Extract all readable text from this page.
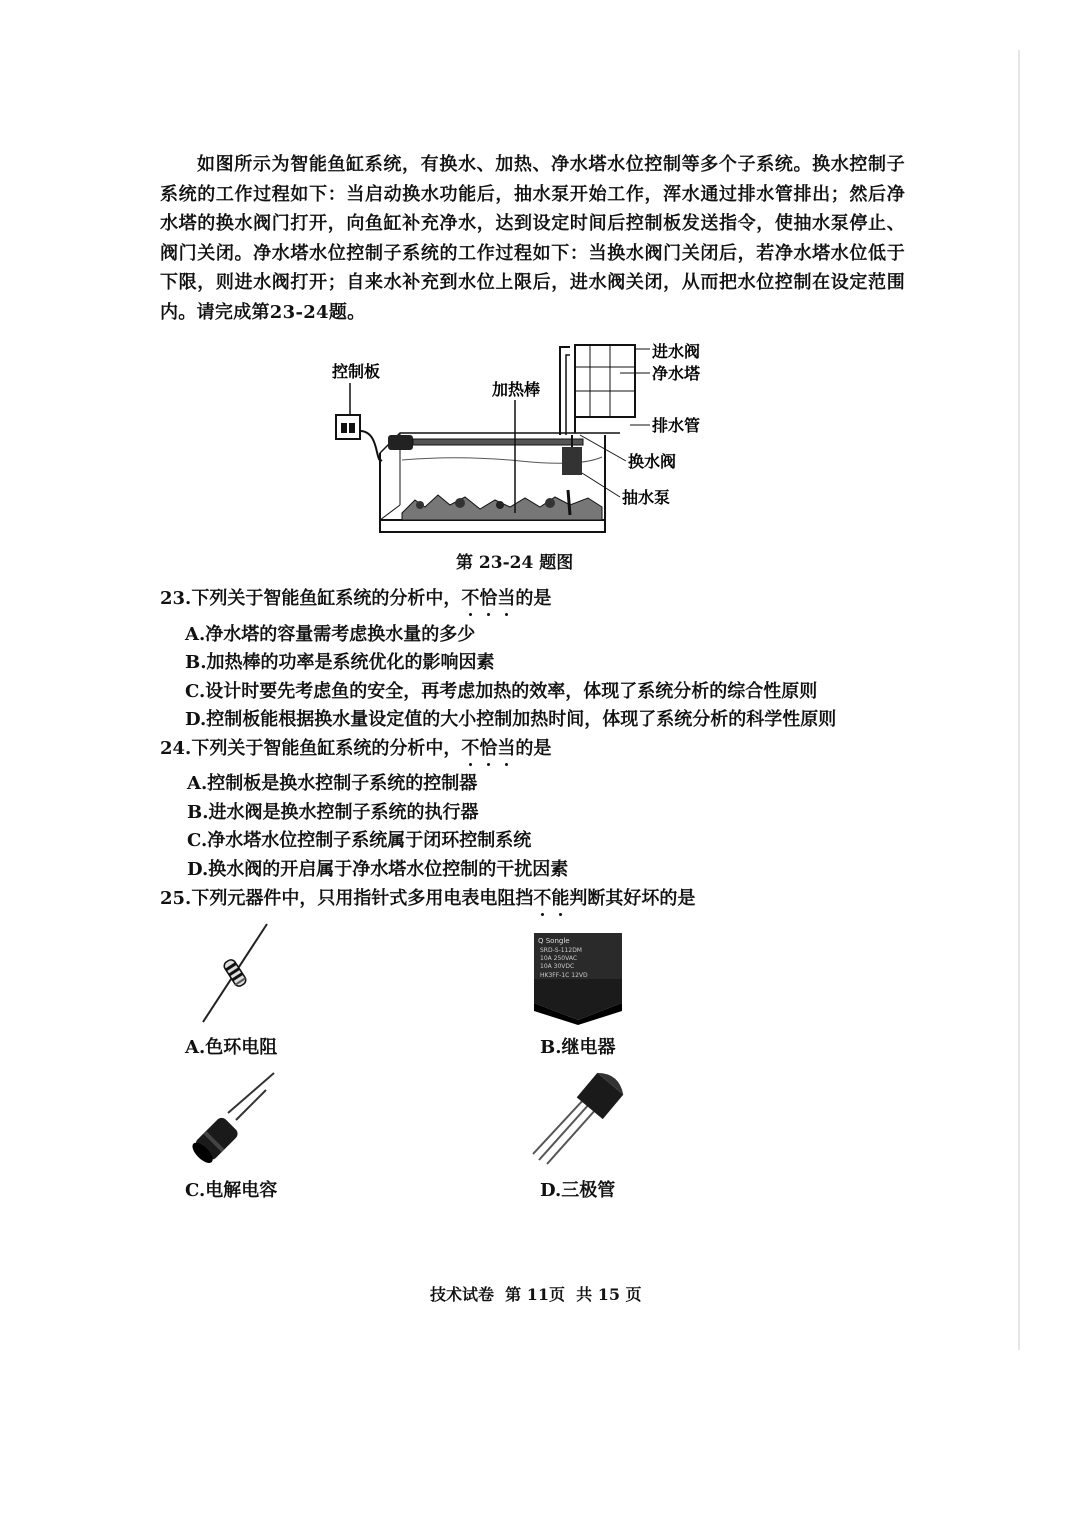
如图所示为智能鱼缸系统，有换水、加热、净水塔水位控制等多个子系统。换水控制子系统的工作过程如下：当启动换水功能后，抽水泵开始工作，浑水通过排水管排出；然后净水塔的换水阀门打开，向鱼缸补充净水，达到设定时间后控制板发送指令，使抽水泵停止、阀门关闭。净水塔水位控制子系统的工作过程如下：当换水阀门关闭后，若净水塔水位低于下限，则进水阀打开；自来水补充到水位上限后，进水阀关闭，从而把水位控制在设定范围内。请完成第23-24题。

控制板
加热棒
进水阀
净水塔
排水管
换水阀
抽水泵
第 23-24 题图
23.下列关于智能鱼缸系统的分析中，不恰当的是
A.净水塔的容量需考虑换水量的多少
B.加热棒的功率是系统优化的影响因素
C.设计时要先考虑鱼的安全，再考虑加热的效率，体现了系统分析的综合性原则
D.控制板能根据换水量设定值的大小控制加热时间，体现了系统分析的科学性原则
24.下列关于智能鱼缸系统的分析中，不恰当的是
A.控制板是换水控制子系统的控制器
B.进水阀是换水控制子系统的执行器
C.净水塔水位控制子系统属于闭环控制系统
D.换水阀的开启属于净水塔水位控制的干扰因素
25.下列元器件中，只用指针式多用电表电阻挡不能判断其好坏的是
A.色环电阻
Q Songle
SRD-S-112DM
10A 250VAC
10A 30VDC
HK3FF-1C 12VD
B.继电器
C.电解电容	D.三极管
技术试卷 第 11页 共 15 页
